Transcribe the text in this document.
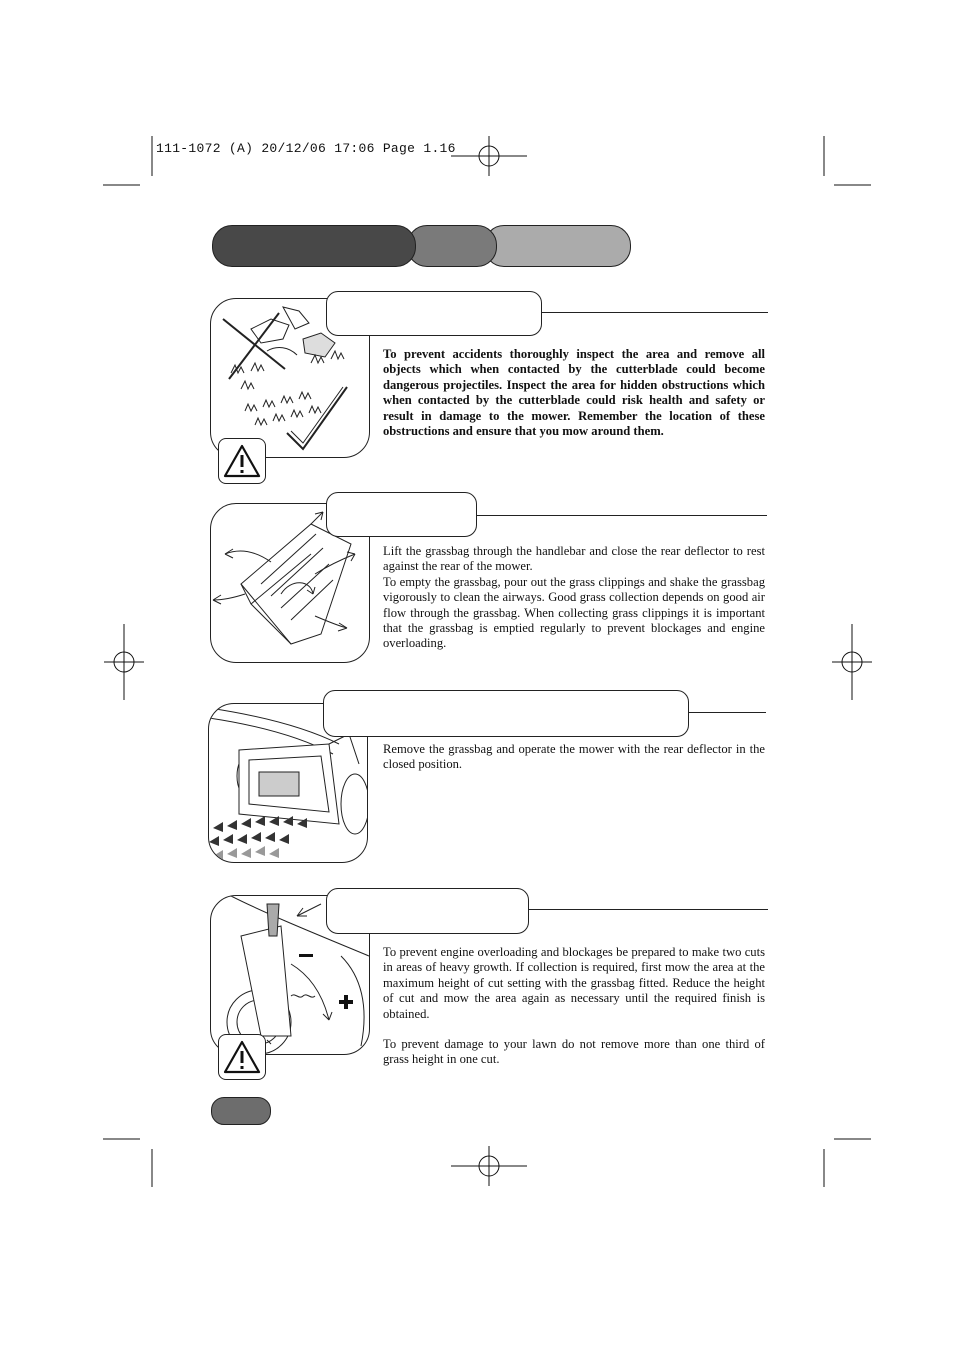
111-1072 (A) 20/12/06 17:06 Page 1.16

To prevent accidents thoroughly inspect the area and remove all objects which when contacted by the cutterblade could become dangerous projectiles. Inspect the area for hidden obstructions which when contacted by the cutterblade could risk health and safety or result in damage to the mower. Remember the location of these obstructions and ensure that you mow around them.

Lift the grassbag through the handlebar and close the rear deflector to rest against the rear of the mower.

To empty the grassbag, pour out the grass clippings and shake the grassbag vigorously to clean the airways. Good grass collection depends on good air flow through the grassbag. When collecting grass clippings it is important that the grassbag is emptied regularly to prevent blockages and engine overloading.

Remove the grassbag and operate the mower with the rear deflector in the closed position.

To prevent engine overloading and blockages be prepared to make two cuts in areas of heavy growth. If collection is required, first mow the area at the maximum height of cut setting with the grassbag fitted. Reduce the height of cut and mow the area again as necessary until the required finish is obtained.

To prevent damage to your lawn do not remove more than one third of grass height in one cut.
